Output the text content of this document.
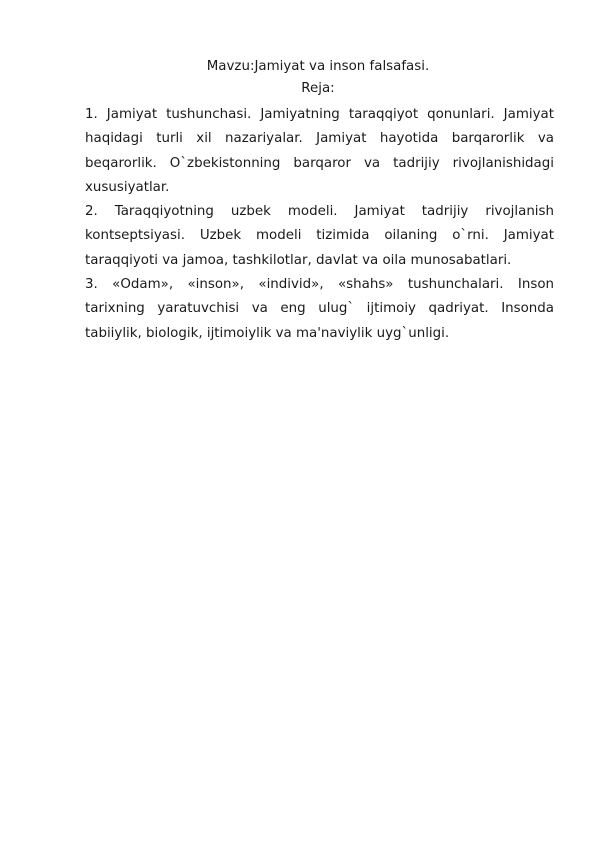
Mavzu:Jamiyat va inson falsafasi.
Reja:

1. Jamiyat tushunchasi. Jamiyatning taraqqiyot qonunlari. Jamiyat haqidagi turli xil nazariyalar. Jamiyat hayotida barqarorlik va beqarorlik. O`zbekistonning barqaror va tadrijiy rivojlanishidagi xususiyatlar.

2. Taraqqiyotning uzbek modeli. Jamiyat tadrijiy rivojlanish kontseptsiyasi. Uzbek modeli tizimida oilaning o`rni. Jamiyat taraqqiyoti va jamoa, tashkilotlar, davlat va oila munosabatlari.

3. «Odam», «inson», «individ», «shahs» tushunchalari. Inson tarixning yaratuvchisi va eng ulug` ijtimoiy qadriyat. Insonda tabiiylik, biologik, ijtimoiylik va ma'naviylik uyg`unligi.
